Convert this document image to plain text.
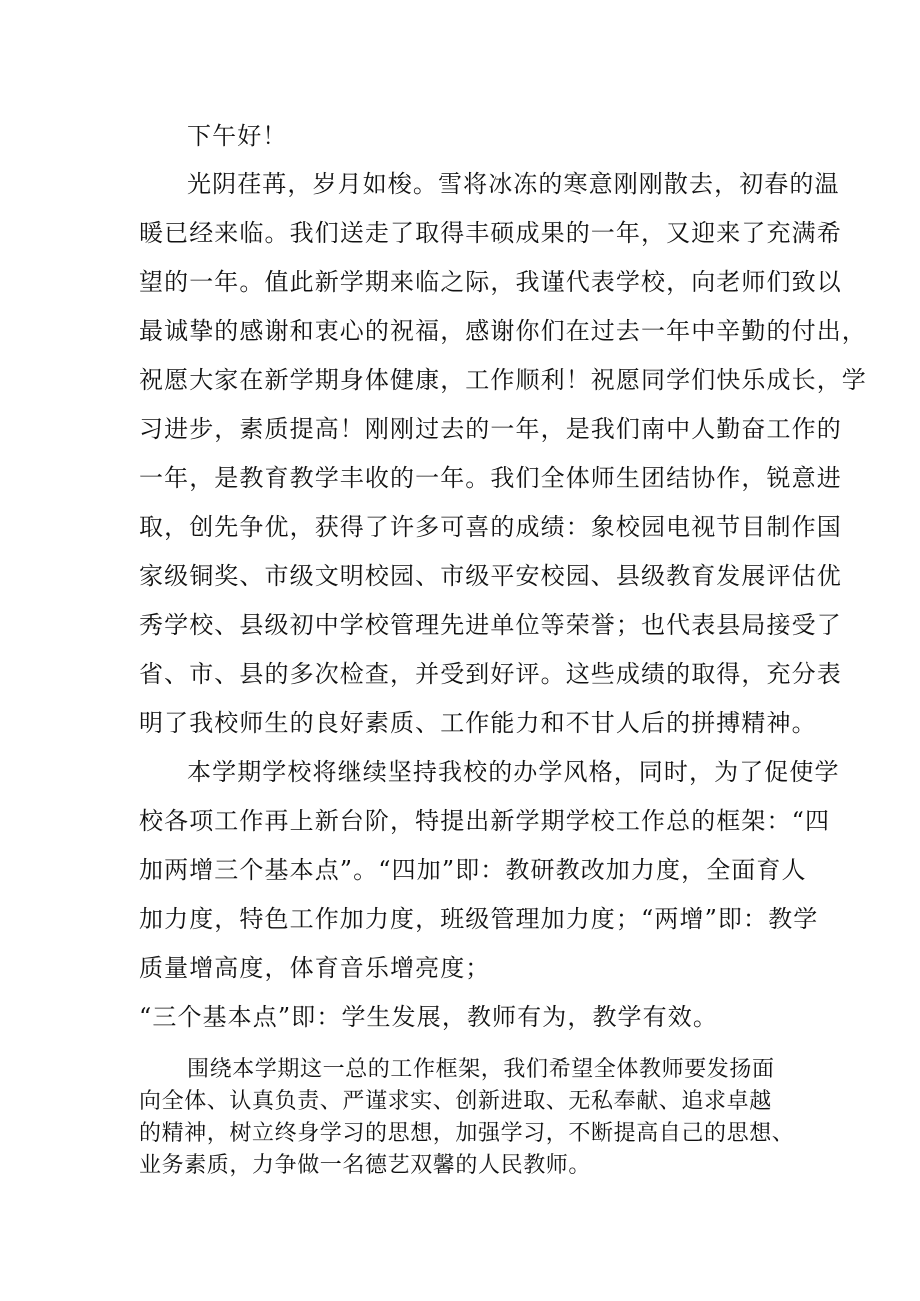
下午好！

光阴荏苒，岁月如梭。雪将冰冻的寒意刚刚散去，初春的温

暖已经来临。我们送走了取得丰硕成果的一年，又迎来了充满希

望的一年。值此新学期来临之际，我谨代表学校，向老师们致以

最诚挚的感谢和衷心的祝福，感谢你们在过去一年中辛勤的付出，

祝愿大家在新学期身体健康，工作顺利！祝愿同学们快乐成长，学

习进步，素质提高！刚刚过去的一年，是我们南中人勤奋工作的

一年，是教育教学丰收的一年。我们全体师生团结协作，锐意进

取，创先争优，获得了许多可喜的成绩：象校园电视节目制作国

家级铜奖、市级文明校园、市级平安校园、县级教育发展评估优

秀学校、县级初中学校管理先进单位等荣誉；也代表县局接受了

省、市、县的多次检查，并受到好评。这些成绩的取得，充分表

明了我校师生的良好素质、工作能力和不甘人后的拼搏精神。

本学期学校将继续坚持我校的办学风格，同时，为了促使学

校各项工作再上新台阶，特提出新学期学校工作总的框架：“四

加两增三个基本点”。“四加”即：教研教改加力度，全面育人

加力度，特色工作加力度，班级管理加力度；“两增”即：教学

质量增高度，体育音乐增亮度；

“三个基本点”即：学生发展，教师有为，教学有效。

围绕本学期这一总的工作框架，我们希望全体教师要发扬面

向全体、认真负责、严谨求实、创新进取、无私奉献、追求卓越

的精神，树立终身学习的思想，加强学习，不断提高自己的思想、

业务素质，力争做一名德艺双馨的人民教师。
